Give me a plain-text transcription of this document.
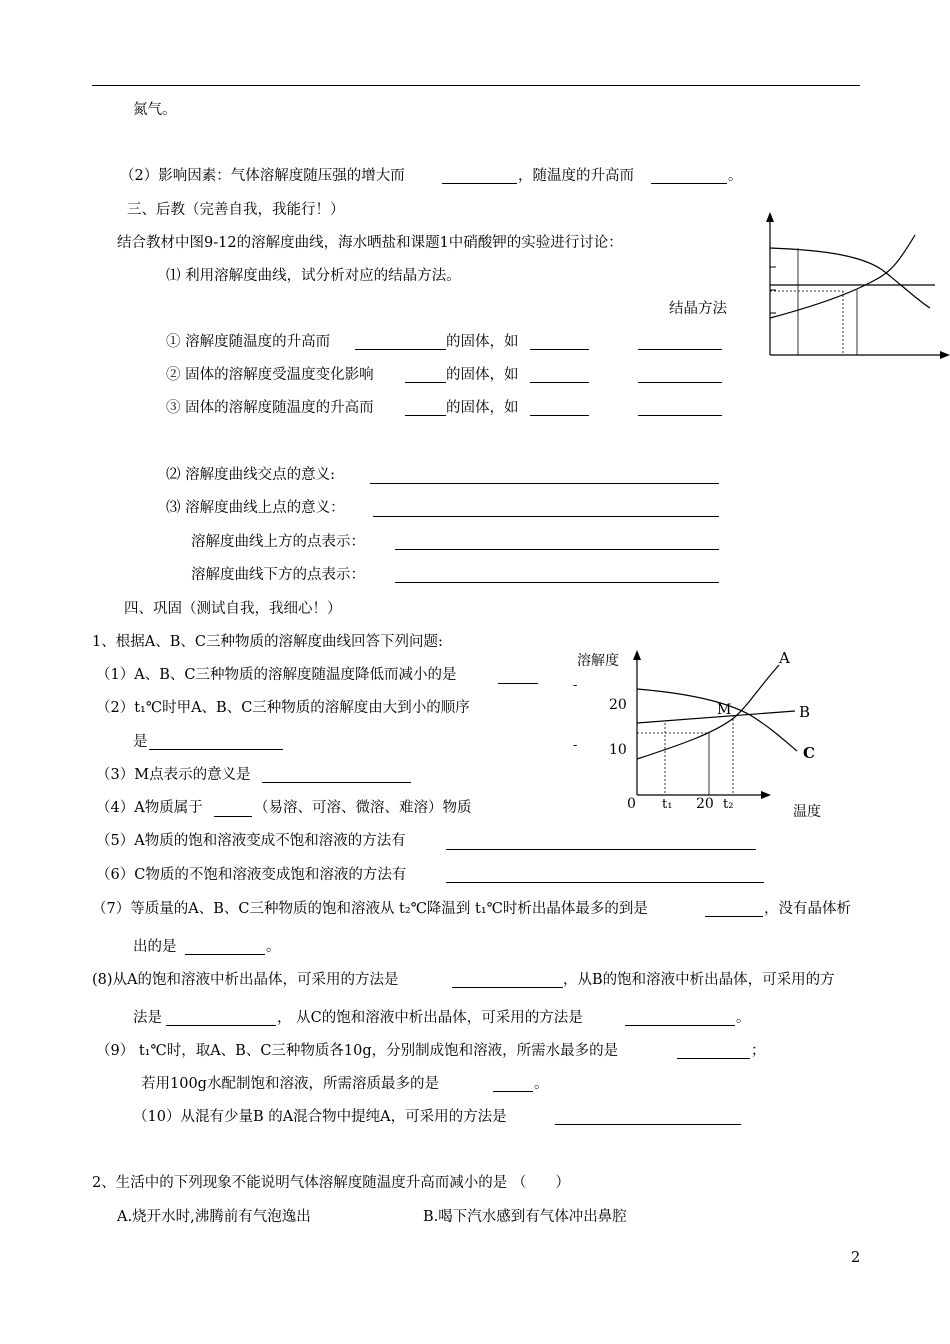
氮气。
（2）影响因素：气体溶解度随压强的增大而	，随温度的升高而	。
三、后教（完善自我，我能行！）
结合教材中图9-12的溶解度曲线，海水晒盐和课题1中硝酸钾的实验进行讨论：
⑴ 利用溶解度曲线，试分析对应的结晶方法。
结晶方法
① 溶解度随温度的升高而	的固体，如
② 固体的溶解度受温度变化影响	的固体，如
③ 固体的溶解度随温度的升高而	的固体，如
⑵ 溶解度曲线交点的意义:
⑶ 溶解度曲线上点的意义：
溶解度曲线上方的点表示：
溶解度曲线下方的点表示：
四、巩固（测试自我，我细心！）
1、根据A、B、C三种物质的溶解度曲线回答下列问题:
（1）A、B、C三种物质的溶解度随温度降低而减小的是
（2）t₁℃时甲A、B、C三种物质的溶解度由大到小的顺序
是
（3）M点表示的意义是
（4）A物质属于	（易溶、可溶、微溶、难溶）物质
（5）A物质的饱和溶液变成不饱和溶液的方法有
（6）C物质的不饱和溶液变成饱和溶液的方法有
（7）等质量的A、B、C三种物质的饱和溶液从 t₂℃降温到 t₁℃时析出晶体最多的到是	，没有晶体析
出的是	。
(8)从A的饱和溶液中析出晶体，可采用的方法是	，从B的饱和溶液中析出晶体，可采用的方
法是	， 从C的饱和溶液中析出晶体，可采用的方法是	。
（9） t₁℃时，取A、B、C三种物质各10g，分别制成饱和溶液，所需水最多的是	；
若用100g水配制饱和溶液，所需溶质最多的是	。
（10）从混有少量B 的A混合物中提纯A，可采用的方法是
2、生活中的下列现象不能说明气体溶解度随温度升高而减小的是 （　　）
A.烧开水时,沸腾前有气泡逸出	B.喝下汽水感到有气体冲出鼻腔
2
溶解度
温度
-
-
20
10
0 t₁ 20 t₂
M
A
B
C
